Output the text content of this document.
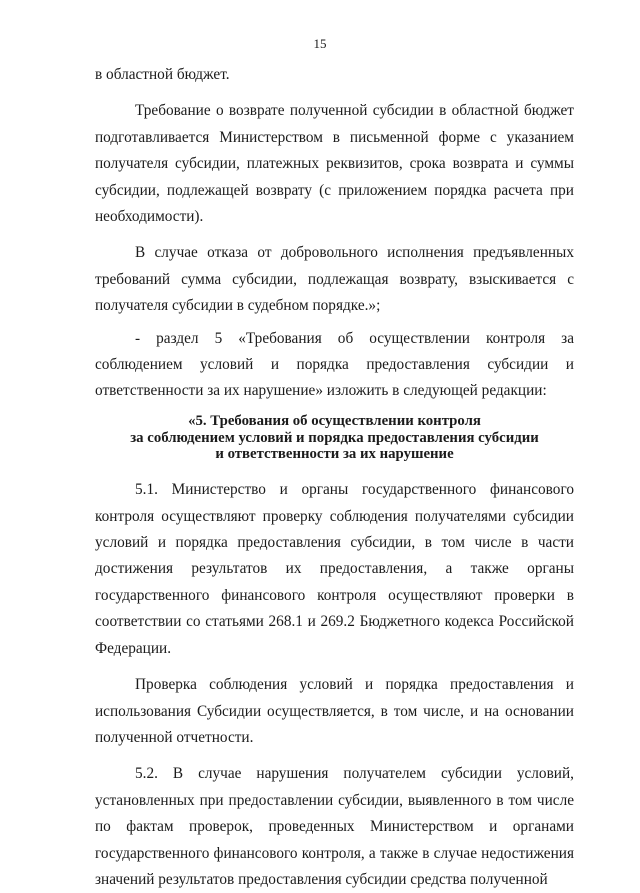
15

в областной бюджет.

Требование о возврате полученной субсидии в областной бюджет подготавливается Министерством в письменной форме с указанием получателя субсидии, платежных реквизитов, срока возврата и суммы субсидии, подлежащей возврату (с приложением порядка расчета при необходимости).

В случае отказа от добровольного исполнения предъявленных требований сумма субсидии, подлежащая возврату, взыскивается с получателя субсидии в судебном порядке.»;

- раздел 5 «Требования об осуществлении контроля за соблюдением условий и порядка предоставления субсидии и ответственности за их нарушение» изложить в следующей редакции:

«5. Требования об осуществлении контроля
за соблюдением условий и порядка предоставления субсидии
и ответственности за их нарушение

5.1. Министерство и органы государственного финансового контроля осуществляют проверку соблюдения получателями субсидии условий и порядка предоставления субсидии, в том числе в части достижения результатов их предоставления, а также органы государственного финансового контроля осуществляют проверки в соответствии со статьями 268.1 и 269.2 Бюджетного кодекса Российской Федерации.

Проверка соблюдения условий и порядка предоставления и использования Субсидии осуществляется, в том числе, и на основании полученной отчетности.

5.2. В случае нарушения получателем субсидии условий, установленных при предоставлении субсидии, выявленного в том числе по фактам проверок, проведенных Министерством и органами государственного финансового контроля, а также в случае недостижения значений результатов предоставления субсидии средства полученной
